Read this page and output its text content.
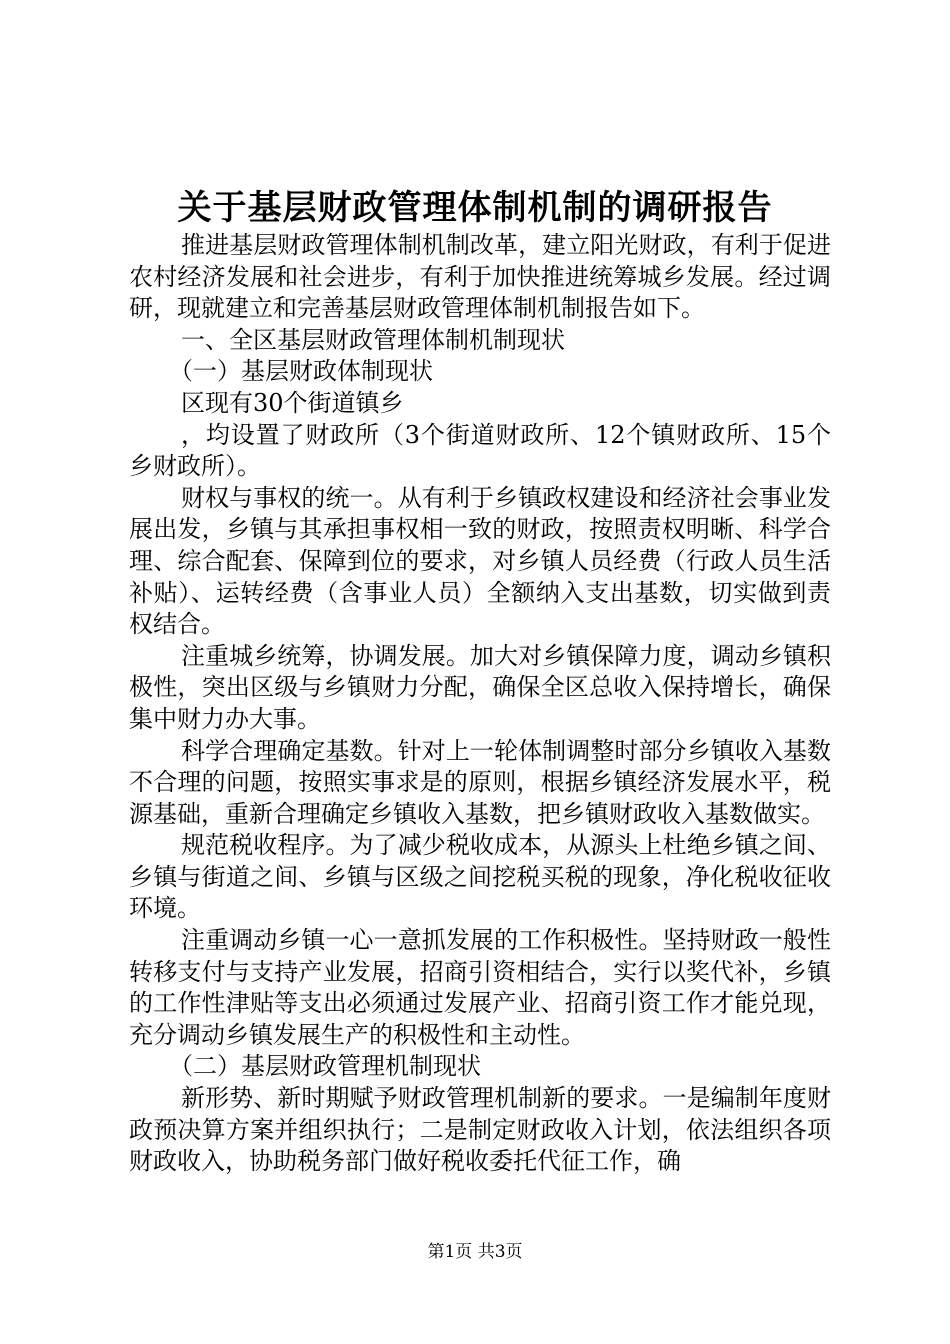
关于基层财政管理体制机制的调研报告

推进基层财政管理体制机制改革，建立阳光财政，有利于促进农村经济发展和社会进步，有利于加快推进统筹城乡发展。经过调研，现就建立和完善基层财政管理体制机制报告如下。

一、全区基层财政管理体制机制现状

（一）基层财政体制现状

区现有30个街道镇乡

，均设置了财政所（3个街道财政所、12个镇财政所、15个乡财政所）。

财权与事权的统一。从有利于乡镇政权建设和经济社会事业发展出发，乡镇与其承担事权相一致的财政，按照责权明晰、科学合理、综合配套、保障到位的要求，对乡镇人员经费（行政人员生活补贴）、运转经费（含事业人员）全额纳入支出基数，切实做到责权结合。

注重城乡统筹，协调发展。加大对乡镇保障力度，调动乡镇积极性，突出区级与乡镇财力分配，确保全区总收入保持增长，确保集中财力办大事。

科学合理确定基数。针对上一轮体制调整时部分乡镇收入基数不合理的问题，按照实事求是的原则，根据乡镇经济发展水平，税源基础，重新合理确定乡镇收入基数，把乡镇财政收入基数做实。

规范税收程序。为了减少税收成本，从源头上杜绝乡镇之间、乡镇与街道之间、乡镇与区级之间挖税买税的现象，净化税收征收环境。

注重调动乡镇一心一意抓发展的工作积极性。坚持财政一般性转移支付与支持产业发展，招商引资相结合，实行以奖代补，乡镇的工作性津贴等支出必须通过发展产业、招商引资工作才能兑现，充分调动乡镇发展生产的积极性和主动性。

（二）基层财政管理机制现状

新形势、新时期赋予财政管理机制新的要求。一是编制年度财政预决算方案并组织执行；二是制定财政收入计划，依法组织各项财政收入，协助税务部门做好税收委托代征工作，确

第1页 共3页
